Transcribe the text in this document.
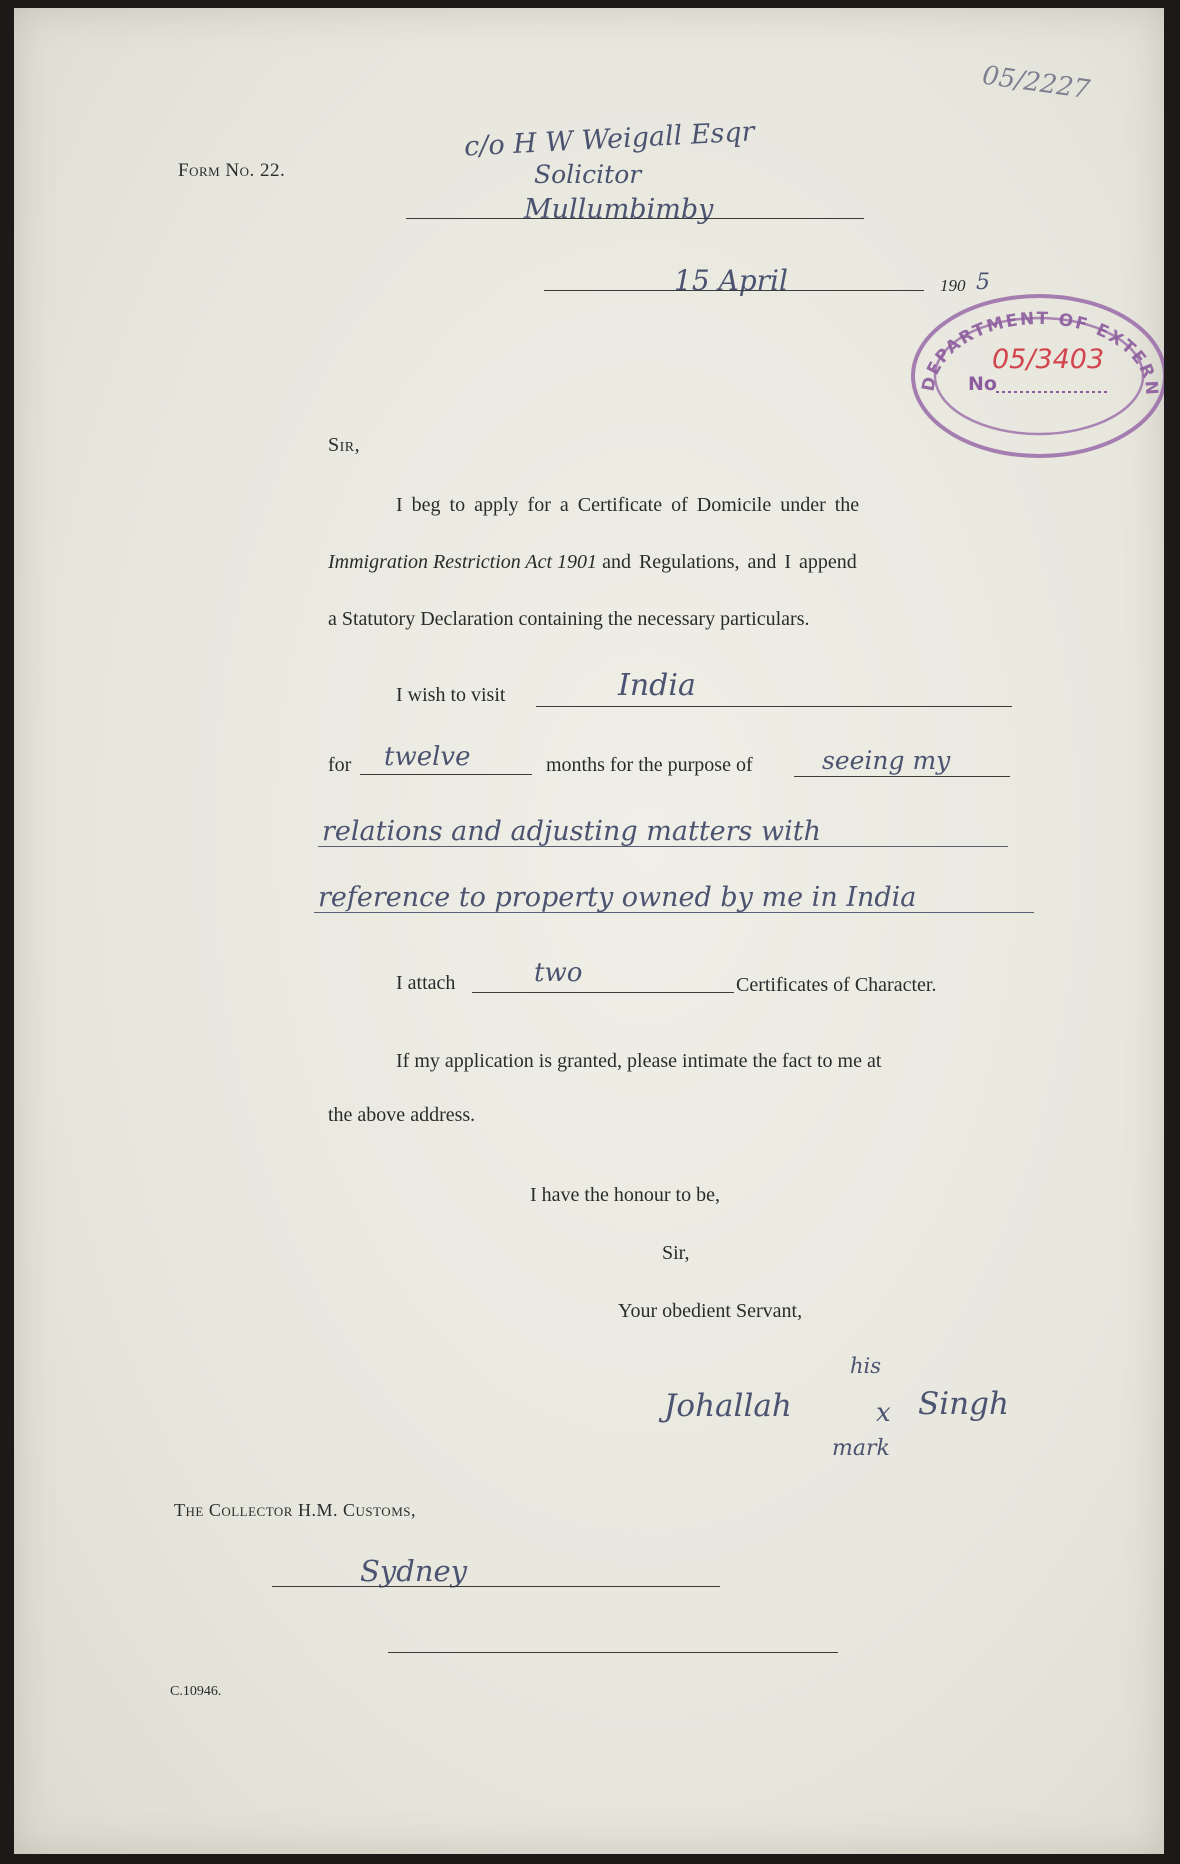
Form No. 22.
05/2227
c/o H W Weigall Esqr
Solicitor
Mullumbimby
15 April	190 5
DEPARTMENT OF EXTERN
No
05/3403
Sir,
I beg to apply for a Certificate of Domicile under the
Immigration Restriction Act 1901 and Regulations, and I append
a Statutory Declaration containing the necessary particulars.
I wish to visit	India
for twelve	months for the purpose of	seeing my
relations and adjusting matters with
reference to property owned by me in India
I attach	two	Certificates of Character.
If my application is granted, please intimate the fact to me at
the above address.
I have the honour to be,
Sir,
Your obedient Servant,
his
Johallah	x Singh
mark
The Collector H.M. Customs,
Sydney
C.10946.
